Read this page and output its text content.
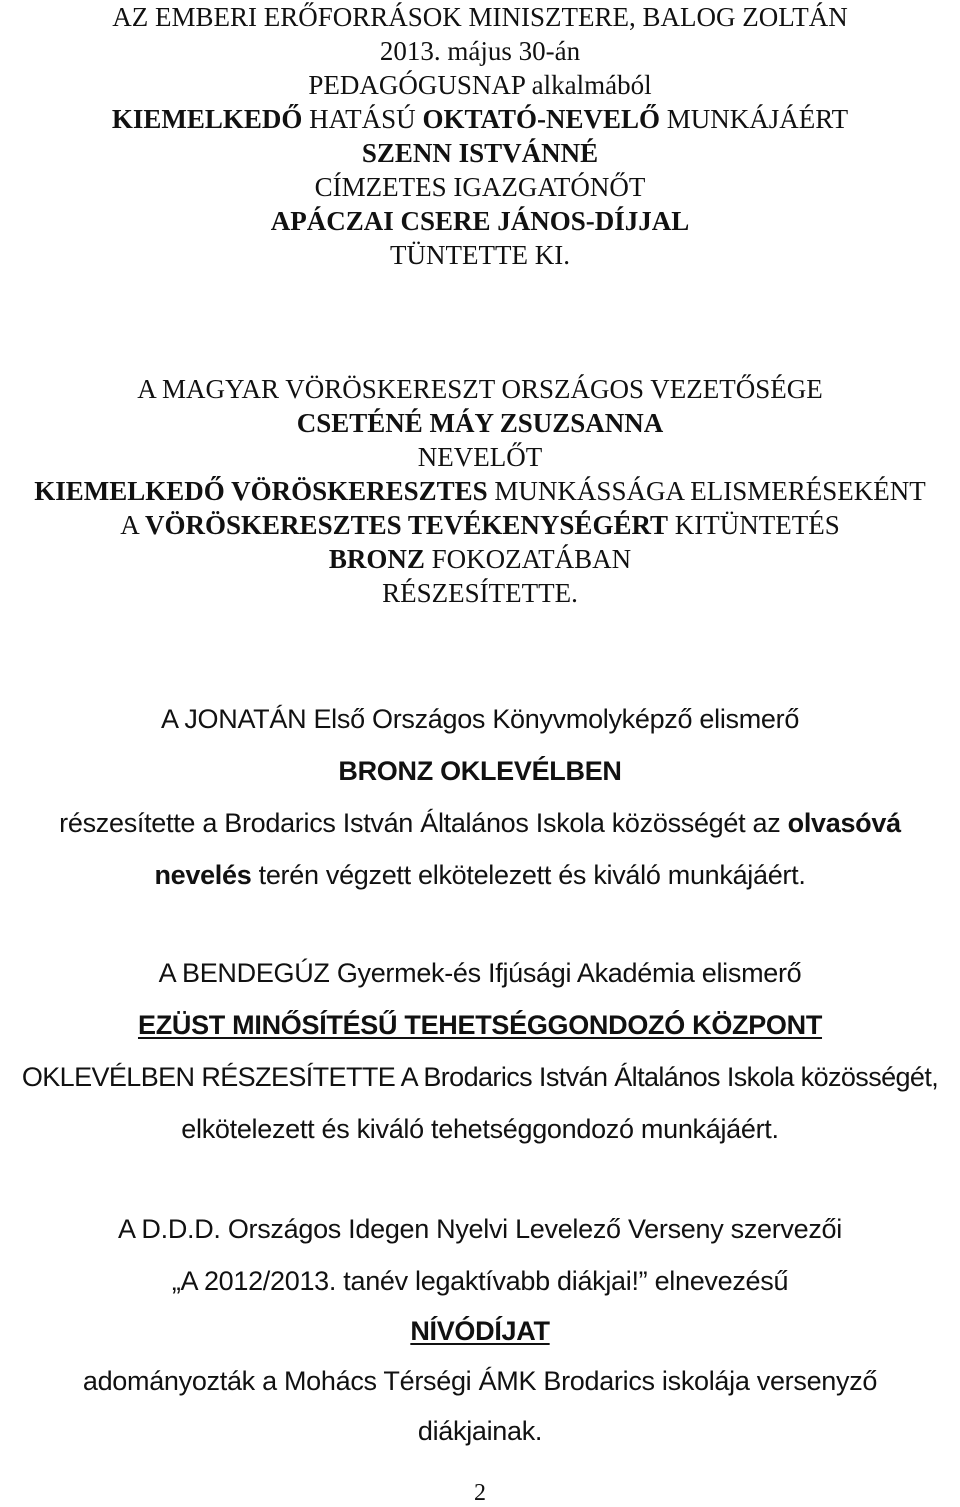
AZ EMBERI ERŐFORRÁSOK MINISZTERE, BALOG ZOLTÁN
2013. május 30-án
PEDAGÓGUSNAP alkalmából
KIEMELKEDŐ HATÁSÚ OKTATÓ-NEVELŐ MUNKÁJÁÉRT
SZENN ISTVÁNNÉ
CÍMZETES IGAZGATÓNŐT
APÁCZAI CSERE JÁNOS-DÍJJAL
TÜNTETTE KI.
A MAGYAR VÖRÖSKERESZT ORSZÁGOS VEZETŐSÉGE
CSETÉNÉ MÁY ZSUZSANNA
NEVELŐT
KIEMELKEDŐ VÖRÖSKERESZTES MUNKÁSSÁGA ELISMERÉSEKÉNT
A VÖRÖSKERESZTES TEVÉKENYSÉGÉRT KITÜNTETÉS
BRONZ FOKOZATÁBAN
RÉSZESÍTETTE.
A JONATÁN Első Országos Könyvmolyképző elismerő
BRONZ OKLEVÉLBEN
részesítette a Brodarics István Általános Iskola közösségét az olvasóvá
nevelés terén végzett elkötelezett és kiváló munkájáért.
A BENDEGÚZ Gyermek-és Ifjúsági Akadémia elismerő
EZÜST MINŐSÍTÉSŰ TEHETSÉGGONDOZÓ KÖZPONT
OKLEVÉLBEN RÉSZESÍTETTE A Brodarics István Általános Iskola közösségét,
elkötelezett és kiváló tehetséggondozó munkájáért.
A D.D.D. Országos Idegen Nyelvi Levelező Verseny szervezői
„A 2012/2013. tanév legaktívabb diákjai!” elnevezésű
NÍVÓDÍJAT
adományozták a Mohács Térségi ÁMK Brodarics iskolája versenyző
diákjainak.
2
